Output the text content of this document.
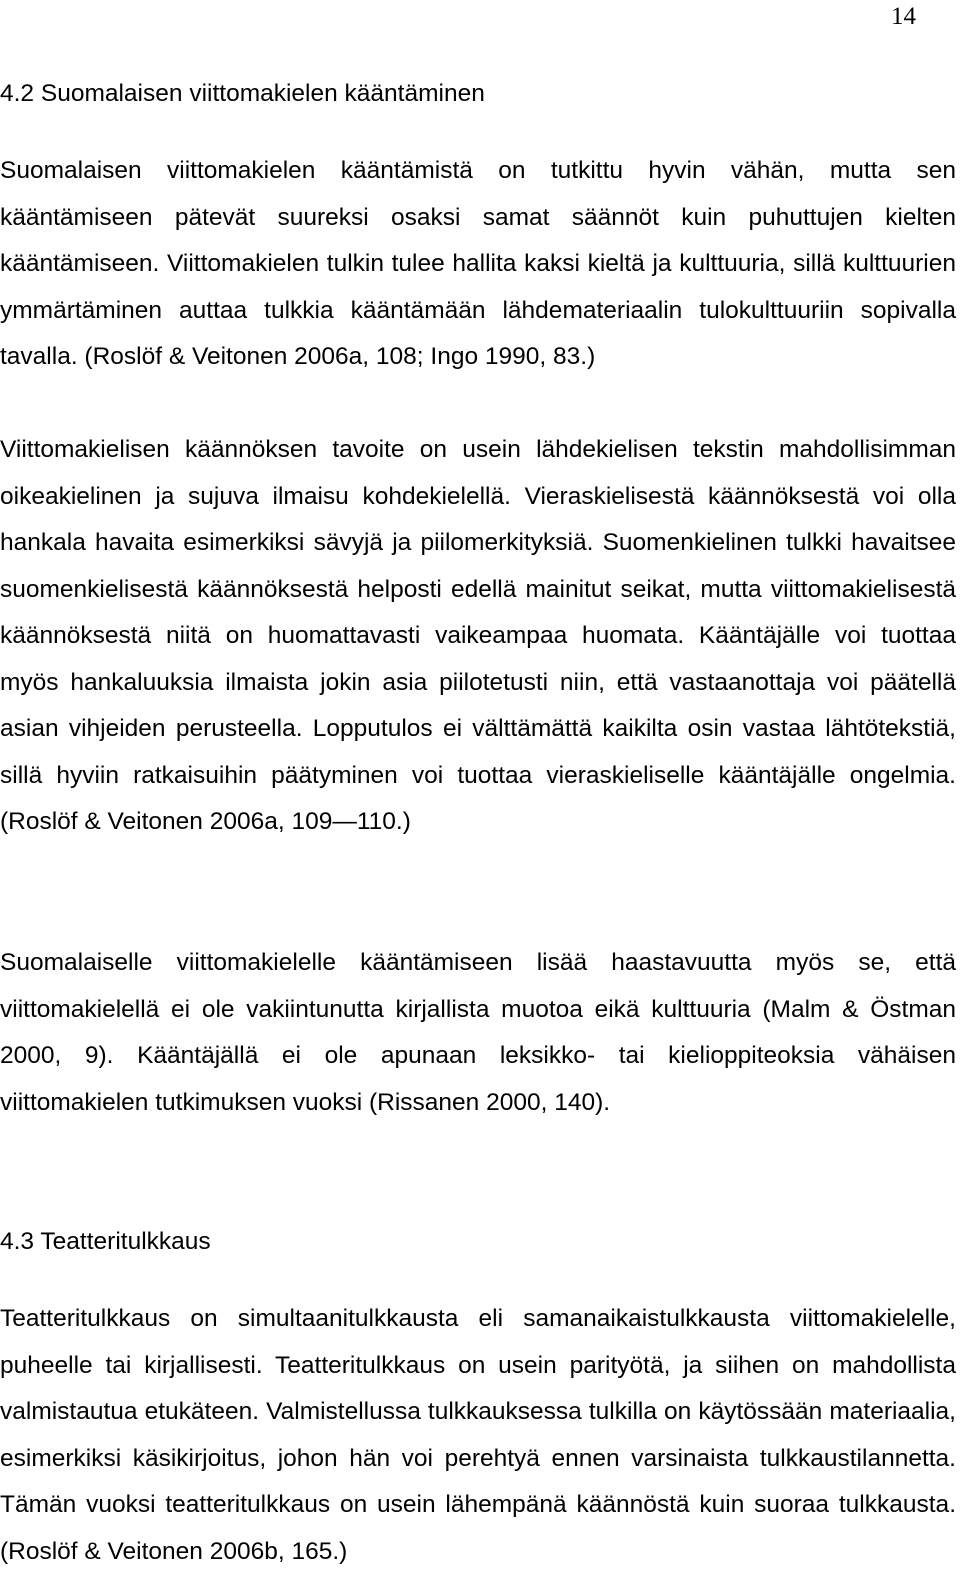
14
4.2 Suomalaisen viittomakielen kääntäminen

Suomalaisen viittomakielen kääntämistä on tutkittu hyvin vähän, mutta sen kääntämiseen pätevät suureksi osaksi samat säännöt kuin puhuttujen kielten kääntämiseen. Viittomakielen tulkin tulee hallita kaksi kieltä ja kulttuuria, sillä kulttuurien ymmärtäminen auttaa tulkkia kääntämään lähdemateriaalin tulokulttuuriin sopivalla tavalla. (Roslöf & Veitonen 2006a, 108; Ingo 1990, 83.)

Viittomakielisen käännöksen tavoite on usein lähdekielisen tekstin mahdollisimman oikeakielinen ja sujuva ilmaisu kohdekielellä. Vieraskielisestä käännöksestä voi olla hankala havaita esimerkiksi sävyjä ja piilomerkityksiä. Suomenkielinen tulkki havaitsee suomenkielisestä käännöksestä helposti edellä mainitut seikat, mutta viittomakielisestä käännöksestä niitä on huomattavasti vaikeampaa huomata. Kääntäjälle voi tuottaa myös hankaluuksia ilmaista jokin asia piilotetusti niin, että vastaanottaja voi päätellä asian vihjeiden perusteella. Lopputulos ei välttämättä kaikilta osin vastaa lähtötekstiä, sillä hyviin ratkaisuihin päätyminen voi tuottaa vieraskieliselle kääntäjälle ongelmia. (Roslöf & Veitonen 2006a, 109—110.)

Suomalaiselle viittomakielelle kääntämiseen lisää haastavuutta myös se, että viittomakielellä ei ole vakiintunutta kirjallista muotoa eikä kulttuuria (Malm & Östman 2000, 9). Kääntäjällä ei ole apunaan leksikko- tai kielioppiteoksia vähäisen viittomakielen tutkimuksen vuoksi (Rissanen 2000, 140).

4.3 Teatteritulkkaus

Teatteritulkkaus on simultaanitulkkausta eli samanaikaistulkkausta viittomakielelle, puheelle tai kirjallisesti. Teatteritulkkaus on usein parityötä, ja siihen on mahdollista valmistautua etukäteen. Valmistellussa tulkkauksessa tulkilla on käytössään materiaalia, esimerkiksi käsikirjoitus, johon hän voi perehtyä ennen varsinaista tulkkaustilannetta. Tämän vuoksi teatteritulkkaus on usein lähempänä käännöstä kuin suoraa tulkkausta. (Roslöf & Veitonen 2006b, 165.)
